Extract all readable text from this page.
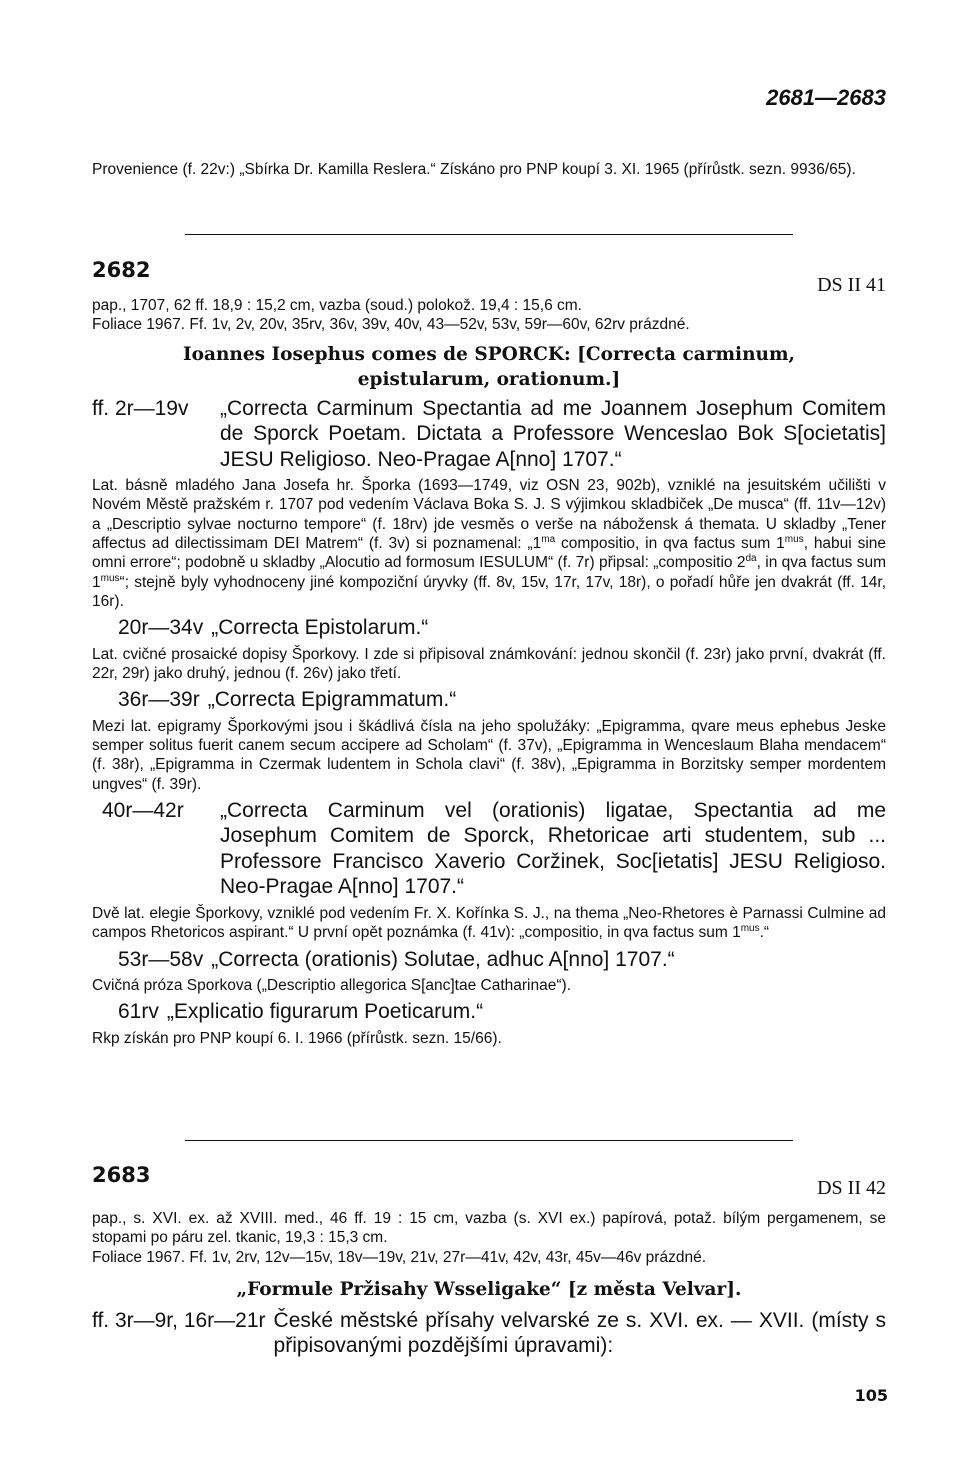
2681—2683

Provenience (f. 22v:) „Sbírka Dr. Kamilla Reslera.“ Získáno pro PNP koupí 3. XI. 1965 (přírůstk. sezn. 9936/65).

2682
DS II 41

pap., 1707, 62 ff. 18,9 : 15,2 cm, vazba (soud.) polokož. 19,4 : 15,6 cm.

Foliace 1967. Ff. 1v, 2v, 20v, 35rv, 36v, 39v, 40v, 43—52v, 53v, 59r—60v, 62rv prázdné.

Ioannes Iosephus comes de SPORCK: [Correcta carminum,

epistularum, orationum.]

ff. 2r—19v	„Correcta Carminum Spectantia ad me Joannem Josephum Comitem de Sporck Poetam. Dictata a Professore Wenceslao Bok S[ocietatis] JESU Religioso. Neo-Pragae A[nno] 1707.“

Lat. básně mladého Jana Josefa hr. Šporka (1693—1749, viz OSN 23, 902b), vzniklé na jesuitském učilišti v Novém Městě pražském r. 1707 pod vedením Václava Boka S. J. S výjimkou skladbiček „De musca“ (ff. 11v—12v) a „Descriptio sylvae nocturno tempore“ (f. 18rv) jde vesměs o verše na nábožensk á themata. U skladby „Tener affectus ad dilectissimam DEI Matrem“ (f. 3v) si poznamenal: $„1^{ma}$ compositio, in qva factus sum $1^{mus}$, habui sine omni errore“; podobně u skladby „Alocutio ad formosum IESULUM“ (f. 7r) připsal: „compositio $2^{da}$, in qva factus sum $1^{mus}“$; stejně byly vyhodnoceny jiné kompoziční úryvky (ff. 8v, 15v, 17r, 17v, 18r), o pořadí hůře jen dvakrát (ff. 14r, 16r).

20r—34v „Correcta Epistolarum.“

Lat. cvičné prosaické dopisy Šporkovy. I zde si připisoval známkování: jednou skončil (f. 23r) jako první, dvakrát (ff. 22r, 29r) jako druhý, jednou (f. 26v) jako třetí.

36r—39r „Correcta Epigrammatum.“

Mezi lat. epigramy Šporkovými jsou i škádlivá čísla na jeho spolužáky: „Epigramma, qvare meus ephebus Jeske semper solitus fuerit canem secum accipere ad Scholam“ (f. 37v), „Epigramma in Wenceslaum Blaha mendacem“ (f. 38r), „Epigramma in Czermak ludentem in Schola clavi“ (f. 38v), „Epigramma in Borzitsky semper mordentem ungves“ (f. 39r).

40r—42r	„Correcta Carminum vel (orationis) ligatae, Spectantia ad me Josephum Comitem de Sporck, Rhetoricae arti studentem, sub ... Professore Francisco Xaverio Coržinek, Soc[ietatis] JESU Religioso. Neo-Pragae A[nno] 1707.“

Dvě lat. elegie Šporkovy, vzniklé pod vedením Fr. X. Kořínka S. J., na thema „Neo-Rhetores è Parnassi Culmine ad campos Rhetoricos aspirant.“ U první opět poznámka (f. 41v): „compositio, in qva factus sum $1^{mus}.“$

53r—58v „Correcta (orationis) Solutae, adhuc A[nno] 1707.“

Cvičná próza Sporkova („Descriptio allegorica S[anc]tae Catharinae“).

61rv „Explicatio figurarum Poeticarum.“

Rkp získán pro PNP koupí 6. I. 1966 (přírůstk. sezn. 15/66).

2683
DS II 42

pap., s. XVI. ex. až XVIII. med., 46 ff. 19 : 15 cm, vazba (s. XVI ex.) papírová, potaž. bílým pergamenem, se stopami po páru zel. tkanic, 19,3 : 15,3 cm.

Foliace 1967. Ff. 1v, 2rv, 12v—15v, 18v—19v, 21v, 27r—41v, 42v, 43r, 45v—46v prázdné.

„Formule Pržisahy Wsseligake“ [z města Velvar].

ff. 3r—9r, 16r—21r České městské přísahy velvarské ze s. XVI. ex. — XVII. (místy s připisovanými pozdějšími úpravami):
105
